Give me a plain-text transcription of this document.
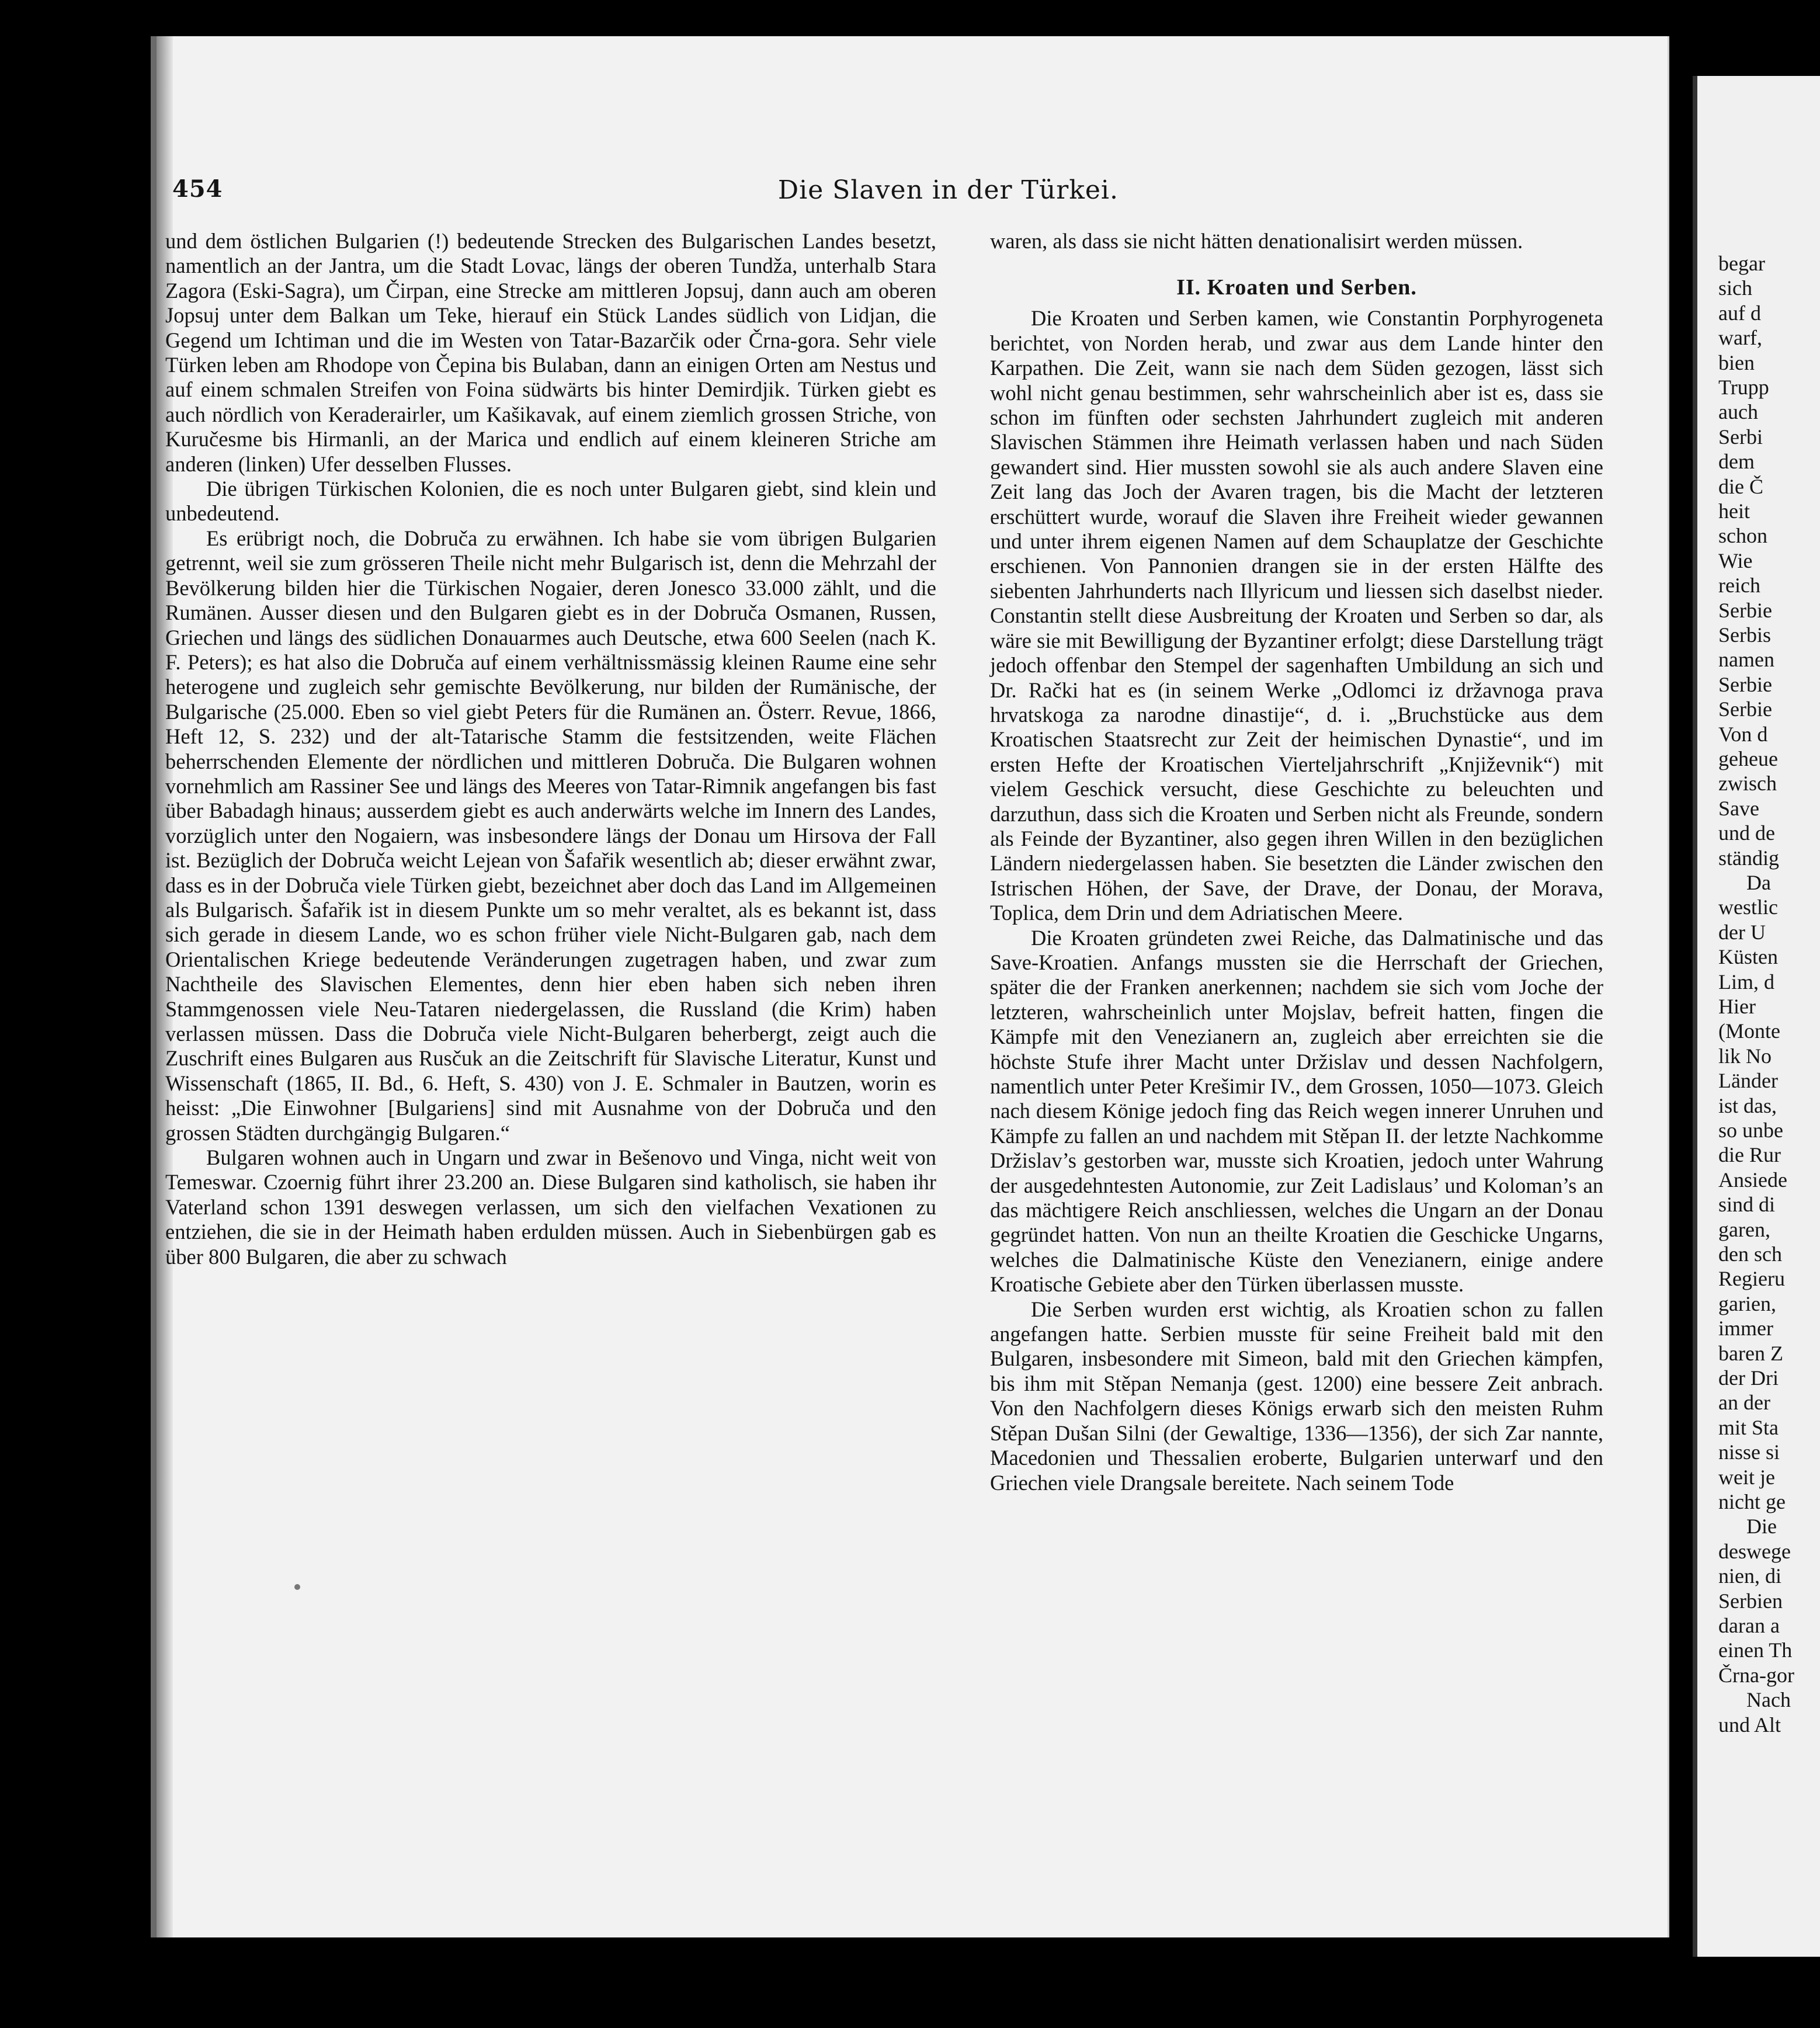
454	Die Slaven in der Türkei.

und dem östlichen Bulgarien (!) bedeutende Strecken des Bulgarischen Landes besetzt, namentlich an der Jantra, um die Stadt Lovac, längs der oberen Tundža, unterhalb Stara Zagora (Eski-Sagra), um Čirpan, eine Strecke am mittleren Jopsuj, dann auch am oberen Jopsuj unter dem Balkan um Teke, hierauf ein Stück Landes südlich von Lidjan, die Gegend um Ichtiman und die im Westen von Tatar-Bazarčik oder Črna-gora. Sehr viele Türken leben am Rhodope von Čepina bis Bulaban, dann an einigen Orten am Nestus und auf einem schmalen Streifen von Foina südwärts bis hinter Demirdjik. Türken giebt es auch nördlich von Keraderairler, um Kašikavak, auf einem ziemlich grossen Striche, von Kuručesme bis Hirmanli, an der Marica und endlich auf einem kleineren Striche am anderen (linken) Ufer desselben Flusses.

Die übrigen Türkischen Kolonien, die es noch unter Bulgaren giebt, sind klein und unbedeutend.

Es erübrigt noch, die Dobruča zu erwähnen. Ich habe sie vom übrigen Bulgarien getrennt, weil sie zum grösseren Theile nicht mehr Bulgarisch ist, denn die Mehrzahl der Bevölkerung bilden hier die Türkischen Nogaier, deren Jonesco 33.000 zählt, und die Rumänen. Ausser diesen und den Bulgaren giebt es in der Dobruča Osmanen, Russen, Griechen und längs des südlichen Donauarmes auch Deutsche, etwa 600 Seelen (nach K. F. Peters); es hat also die Dobruča auf einem verhältnissmässig kleinen Raume eine sehr heterogene und zugleich sehr gemischte Bevölkerung, nur bilden der Rumänische, der Bulgarische (25.000. Eben so viel giebt Peters für die Rumänen an. Österr. Revue, 1866, Heft 12, S. 232) und der alt-Tatarische Stamm die festsitzenden, weite Flächen beherrschenden Elemente der nördlichen und mittleren Dobruča. Die Bulgaren wohnen vornehmlich am Rassiner See und längs des Meeres von Tatar-Rimnik angefangen bis fast über Babadagh hinaus; ausserdem giebt es auch anderwärts welche im Innern des Landes, vorzüglich unter den Nogaiern, was insbesondere längs der Donau um Hirsova der Fall ist. Bezüglich der Dobruča weicht Lejean von Šafařik wesentlich ab; dieser erwähnt zwar, dass es in der Dobruča viele Türken giebt, bezeichnet aber doch das Land im Allgemeinen als Bulgarisch. Šafařik ist in diesem Punkte um so mehr veraltet, als es bekannt ist, dass sich gerade in diesem Lande, wo es schon früher viele Nicht-Bulgaren gab, nach dem Orientalischen Kriege bedeutende Veränderungen zugetragen haben, und zwar zum Nachtheile des Slavischen Elementes, denn hier eben haben sich neben ihren Stammgenossen viele Neu-Tataren niedergelassen, die Russland (die Krim) haben verlassen müssen. Dass die Dobruča viele Nicht-Bulgaren beherbergt, zeigt auch die Zuschrift eines Bulgaren aus Rusčuk an die Zeitschrift für Slavische Literatur, Kunst und Wissenschaft (1865, II. Bd., 6. Heft, S. 430) von J. E. Schmaler in Bautzen, worin es heisst: „Die Einwohner [Bulgariens] sind mit Ausnahme von der Dobruča und den grossen Städten durchgängig Bulgaren.“

Bulgaren wohnen auch in Ungarn und zwar in Bešenovo und Vinga, nicht weit von Temeswar. Czoernig führt ihrer 23.200 an. Diese Bulgaren sind katholisch, sie haben ihr Vaterland schon 1391 deswegen verlassen, um sich den vielfachen Vexationen zu entziehen, die sie in der Heimath haben erdulden müssen. Auch in Siebenbürgen gab es über 800 Bulgaren, die aber zu schwach

waren, als dass sie nicht hätten denationalisirt werden müssen.

II. Kroaten und Serben.

Die Kroaten und Serben kamen, wie Constantin Porphyrogeneta berichtet, von Norden herab, und zwar aus dem Lande hinter den Karpathen. Die Zeit, wann sie nach dem Süden gezogen, lässt sich wohl nicht genau bestimmen, sehr wahrscheinlich aber ist es, dass sie schon im fünften oder sechsten Jahrhundert zugleich mit anderen Slavischen Stämmen ihre Heimath verlassen haben und nach Süden gewandert sind. Hier mussten sowohl sie als auch andere Slaven eine Zeit lang das Joch der Avaren tragen, bis die Macht der letzteren erschüttert wurde, worauf die Slaven ihre Freiheit wieder gewannen und unter ihrem eigenen Namen auf dem Schauplatze der Geschichte erschienen. Von Pannonien drangen sie in der ersten Hälfte des siebenten Jahrhunderts nach Illyricum und liessen sich daselbst nieder. Constantin stellt diese Ausbreitung der Kroaten und Serben so dar, als wäre sie mit Bewilligung der Byzantiner erfolgt; diese Darstellung trägt jedoch offenbar den Stempel der sagenhaften Umbildung an sich und Dr. Rački hat es (in seinem Werke „Odlomci iz državnoga prava hrvatskoga za narodne dinastije“, d. i. „Bruchstücke aus dem Kroatischen Staatsrecht zur Zeit der heimischen Dynastie“, und im ersten Hefte der Kroatischen Vierteljahrschrift „Književnik“) mit vielem Geschick versucht, diese Geschichte zu beleuchten und darzuthun, dass sich die Kroaten und Serben nicht als Freunde, sondern als Feinde der Byzantiner, also gegen ihren Willen in den bezüglichen Ländern niedergelassen haben. Sie besetzten die Länder zwischen den Istrischen Höhen, der Save, der Drave, der Donau, der Morava, Toplica, dem Drin und dem Adriatischen Meere.

Die Kroaten gründeten zwei Reiche, das Dalmatinische und das Save-Kroatien. Anfangs mussten sie die Herrschaft der Griechen, später die der Franken anerkennen; nachdem sie sich vom Joche der letzteren, wahrscheinlich unter Mojslav, befreit hatten, fingen die Kämpfe mit den Venezianern an, zugleich aber erreichten sie die höchste Stufe ihrer Macht unter Držislav und dessen Nachfolgern, namentlich unter Peter Krešimir IV., dem Grossen, 1050—1073. Gleich nach diesem Könige jedoch fing das Reich wegen innerer Unruhen und Kämpfe zu fallen an und nachdem mit Stěpan II. der letzte Nachkomme Držislav’s gestorben war, musste sich Kroatien, jedoch unter Wahrung der ausgedehntesten Autonomie, zur Zeit Ladislaus’ und Koloman’s an das mächtigere Reich anschliessen, welches die Ungarn an der Donau gegründet hatten. Von nun an theilte Kroatien die Geschicke Ungarns, welches die Dalmatinische Küste den Venezianern, einige andere Kroatische Gebiete aber den Türken überlassen musste.

Die Serben wurden erst wichtig, als Kroatien schon zu fallen angefangen hatte. Serbien musste für seine Freiheit bald mit den Bulgaren, insbesondere mit Simeon, bald mit den Griechen kämpfen, bis ihm mit Stěpan Nemanja (gest. 1200) eine bessere Zeit anbrach. Von den Nachfolgern dieses Königs erwarb sich den meisten Ruhm Stěpan Dušan Silni (der Gewaltige, 1336—1356), der sich Zar nannte, Macedonien und Thessalien eroberte, Bulgarien unterwarf und den Griechen viele Drangsale bereitete. Nach seinem Tode

begar
sich
auf d
warf,
bien
Trupp
auch
Serbi
dem
die Č
heit
schon
Wie
reich
Serbie
Serbis
namen
Serbie
Serbie
Von d
geheue
zwisch
Save
und de
ständig
Da
westlic
der U
Küsten
Lim, d
Hier
(Monte
lik No
Länder
ist das,
so unbe
die Rur
Ansiede
sind di
garen,
den sch
Regieru
garien,
immer
baren Z
der Dri
an der
mit Sta
nisse si
weit je
nicht ge
Die
deswege
nien, di
Serbien
daran a
einen Th
Črna-gor
Nach
und Alt
